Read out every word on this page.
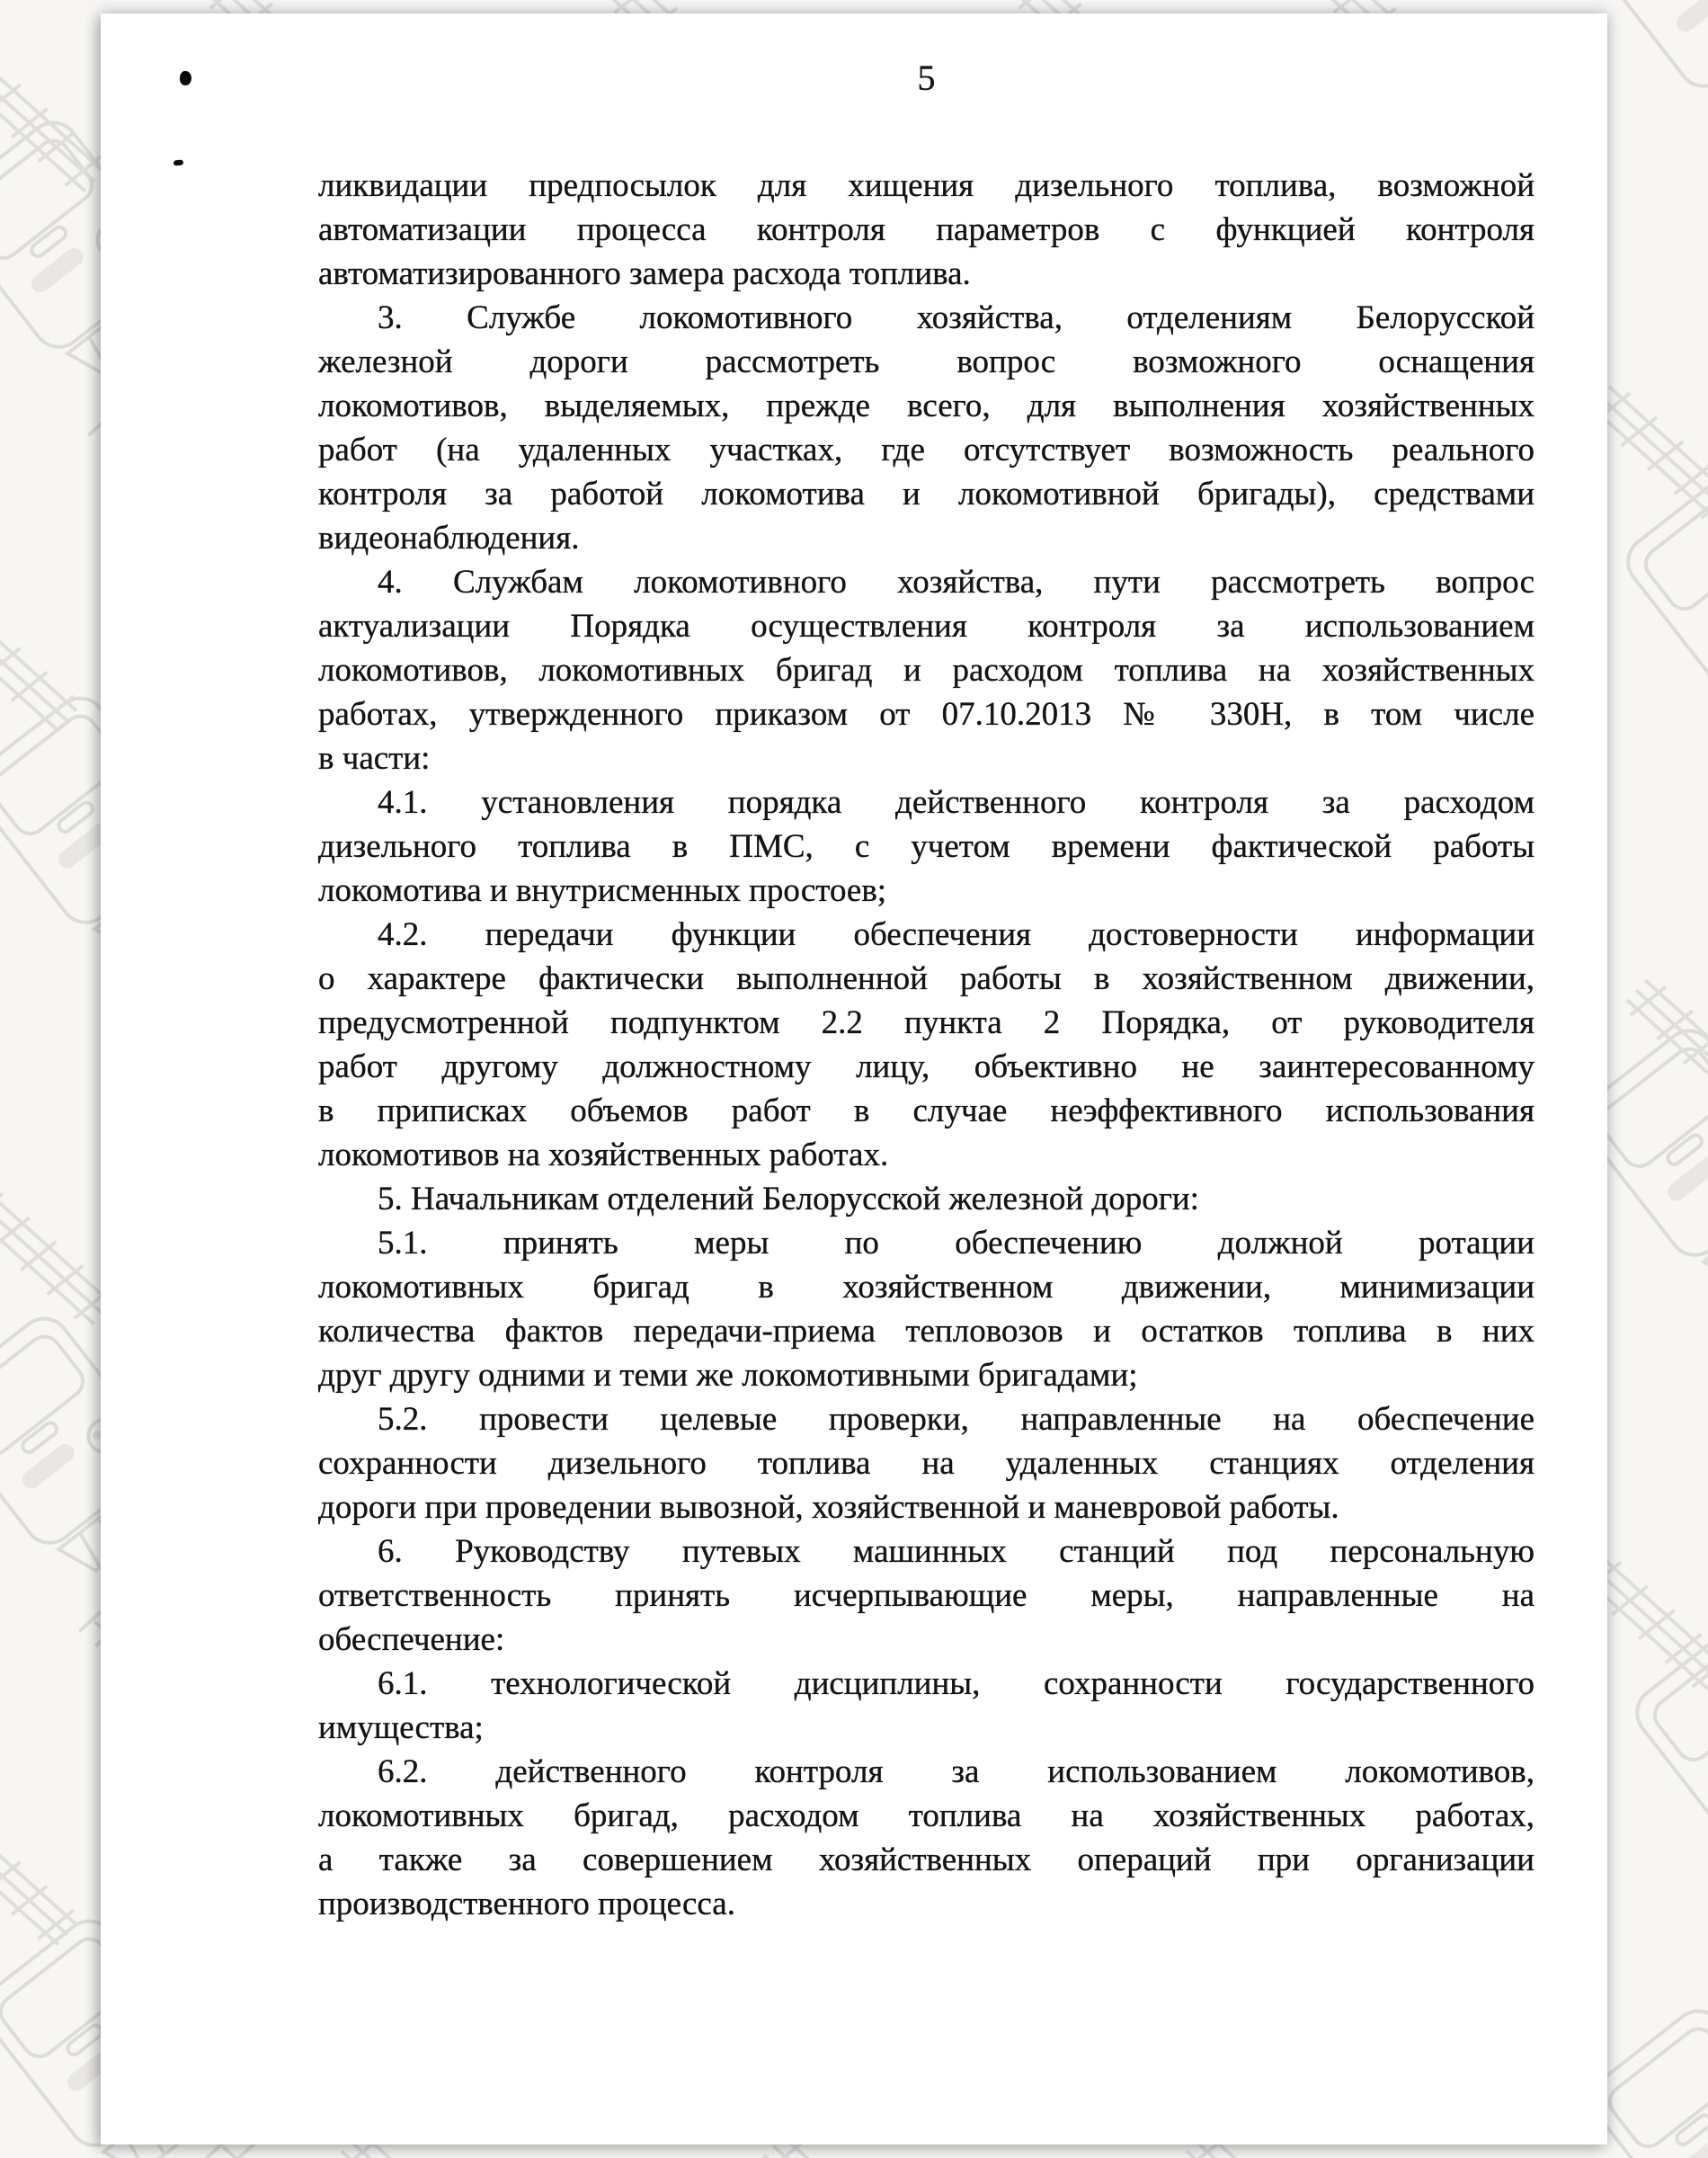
5
ликвидации предпосылок для хищения дизельного топлива, возможной
автоматизации процесса контроля параметров с функцией контроля
автоматизированного замера расхода топлива.
3. Службе локомотивного хозяйства, отделениям Белорусской
железной дороги рассмотреть вопрос возможного оснащения
локомотивов, выделяемых, прежде всего, для выполнения хозяйственных
работ (на удаленных участках, где отсутствует возможность реального
контроля за работой локомотива и локомотивной бригады), средствами
видеонаблюдения.
4. Службам локомотивного хозяйства, пути рассмотреть вопрос
актуализации Порядка осуществления контроля за использованием
локомотивов, локомотивных бригад и расходом топлива на хозяйственных
работах, утвержденного приказом от 07.10.2013 № 330Н, в том числе
в части:
4.1. установления порядка действенного контроля за расходом
дизельного топлива в ПМС, с учетом времени фактической работы
локомотива и внутрисменных простоев;
4.2. передачи функции обеспечения достоверности информации
о характере фактически выполненной работы в хозяйственном движении,
предусмотренной подпунктом 2.2 пункта 2 Порядка, от руководителя
работ другому должностному лицу, объективно не заинтересованному
в приписках объемов работ в случае неэффективного использования
локомотивов на хозяйственных работах.
5. Начальникам отделений Белорусской железной дороги:
5.1. принять меры по обеспечению должной ротации
локомотивных бригад в хозяйственном движении, минимизации
количества фактов передачи-приема тепловозов и остатков топлива в них
друг другу одними и теми же локомотивными бригадами;
5.2. провести целевые проверки, направленные на обеспечение
сохранности дизельного топлива на удаленных станциях отделения
дороги при проведении вывозной, хозяйственной и маневровой работы.
6. Руководству путевых машинных станций под персональную
ответственность принять исчерпывающие меры, направленные на
обеспечение:
6.1. технологической дисциплины, сохранности государственного
имущества;
6.2. действенного контроля за использованием локомотивов,
локомотивных бригад, расходом топлива на хозяйственных работах,
а также за совершением хозяйственных операций при организации
производственного процесса.
